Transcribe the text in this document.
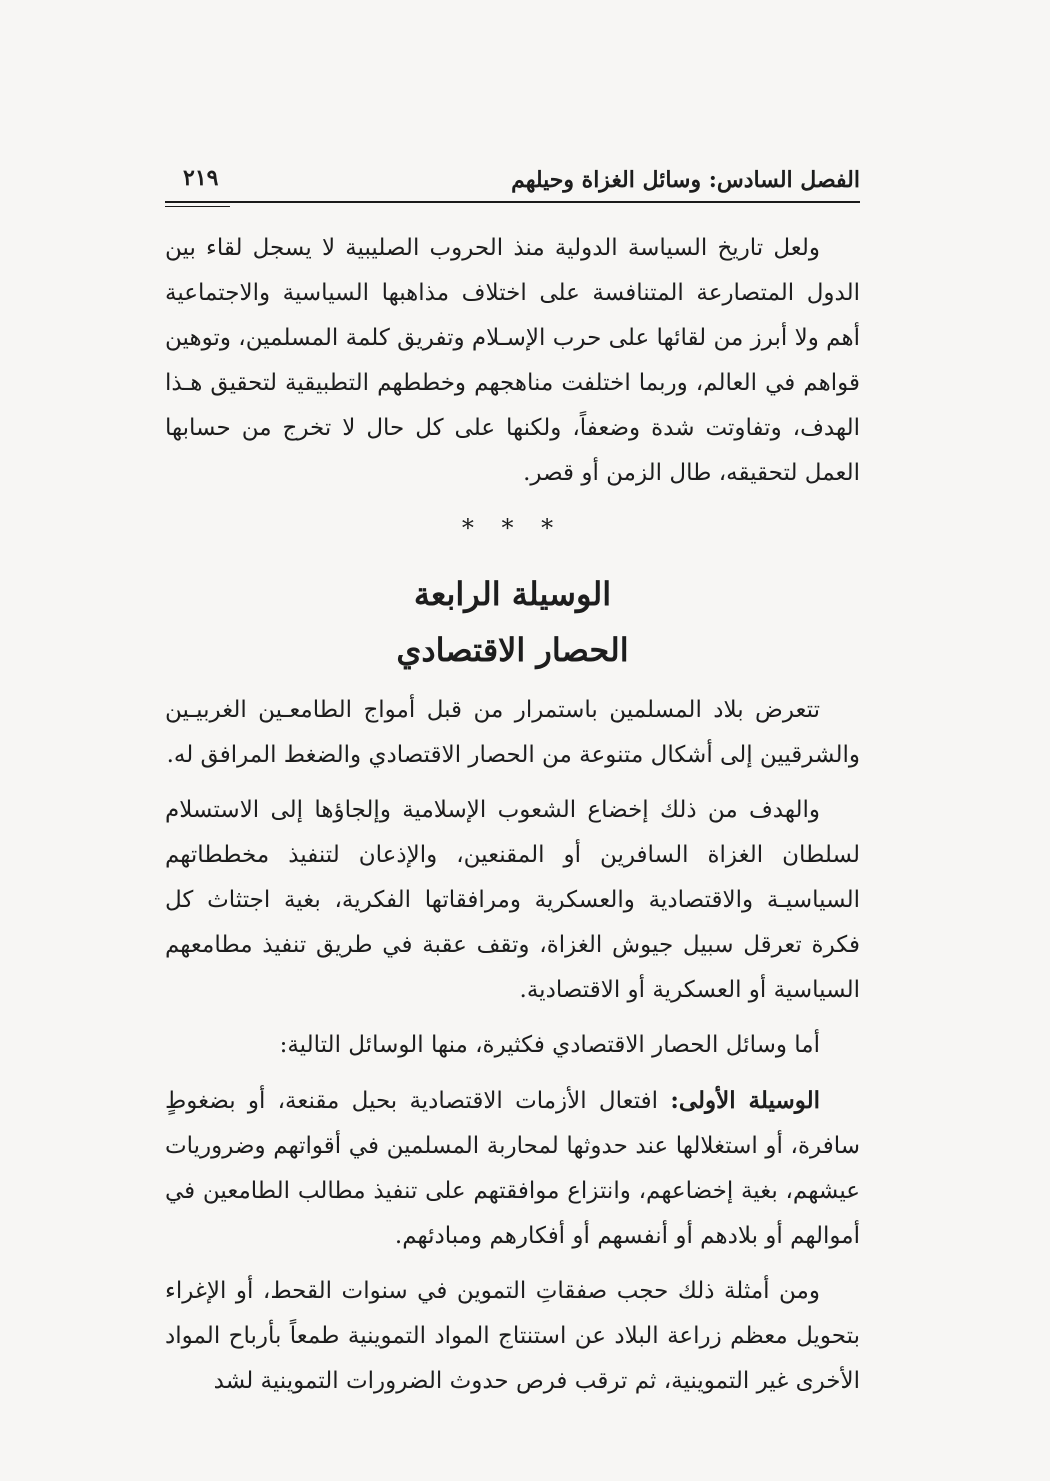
الفصل السادس: وسائل الغزاة وحيلهم
٢١٩

ولعل تاريخ السياسة الدولية منذ الحروب الصليبية لا يسجل لقاء بين الدول المتصارعة المتنافسة على اختلاف مذاهبها السياسية والاجتماعية أهم ولا أبرز من لقائها على حرب الإسـلام وتفريق كلمة المسلمين، وتوهين قواهم في العالم، وربما اختلفت مناهجهم وخططهم التطبيقية لتحقيق هـذا الهدف، وتفاوتت شدة وضعفاً، ولكنها على كل حال لا تخرج من حسابها العمل لتحقيقه، طال الزمن أو قصر.

* * *
الوسيلة الرابعة
الحصار الاقتصادي

تتعرض بلاد المسلمين باستمرار من قبل أمواج الطامعـين الغربيـين والشرقيين إلى أشكال متنوعة من الحصار الاقتصادي والضغط المرافق له.

والهدف من ذلك إخضاع الشعوب الإسلامية وإلجاؤها إلى الاستسلام لسلطان الغزاة السافرين أو المقنعين، والإذعان لتنفيذ مخططاتهم السياسيـة والاقتصادية والعسكرية ومرافقاتها الفكرية، بغية اجتثاث كل فكرة تعرقل سبيل جيوش الغزاة، وتقف عقبة في طريق تنفيذ مطامعهم السياسية أو العسكرية أو الاقتصادية.

أما وسائل الحصار الاقتصادي فكثيرة، منها الوسائل التالية:

الوسيلة الأولى: افتعال الأزمات الاقتصادية بحيل مقنعة، أو بضغوطٍ سافرة، أو استغلالها عند حدوثها لمحاربة المسلمين في أقواتهم وضروريات عيشهم، بغية إخضاعهم، وانتزاع موافقتهم على تنفيذ مطالب الطامعين في أموالهم أو بلادهم أو أنفسهم أو أفكارهم ومبادئهم.

ومن أمثلة ذلك حجب صفقاتِ التموين في سنوات القحط، أو الإغراء بتحويل معظم زراعة البلاد عن استنتاج المواد التموينية طمعاً بأرباح المواد الأخرى غير التموينية، ثم ترقب فرص حدوث الضرورات التموينية لشد
